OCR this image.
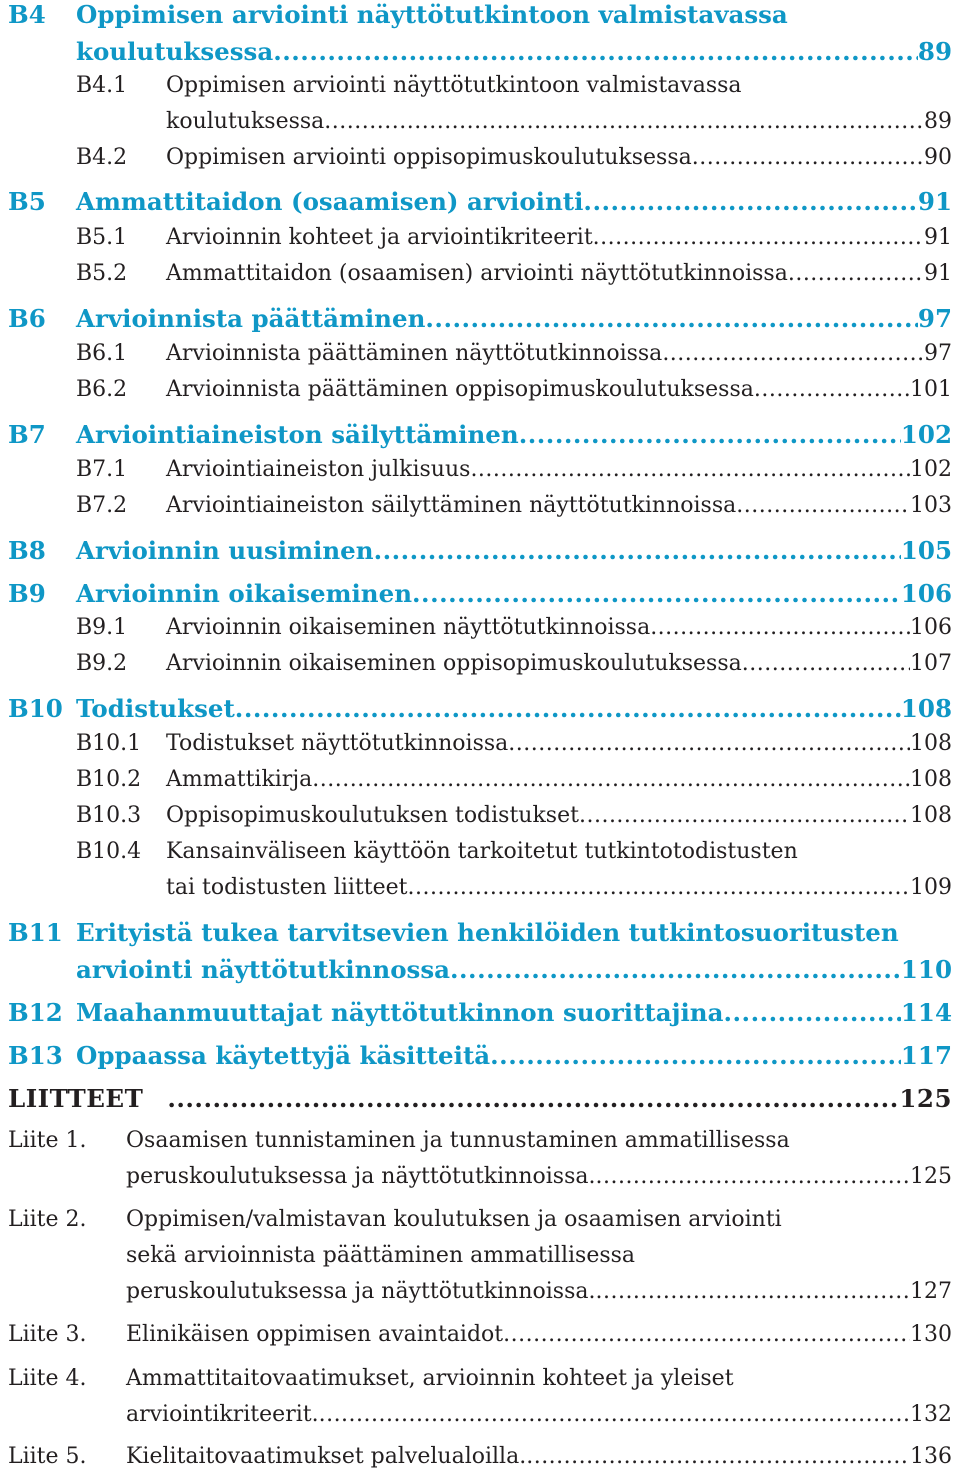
B4	Oppimisen arviointi näyttötutkintoon valmistavassa
koulutuksessa .....	89
B4.1	Oppimisen arviointi näyttötutkintoon valmistavassa
koulutuksessa .....	89
B4.2	Oppimisen arviointi oppisopimuskoulutuksessa .....	90
B5	Ammattitaidon (osaamisen) arviointi .....	91
B5.1	Arvioinnin kohteet ja arviointikriteerit .....	91
B5.2	Ammattitaidon (osaamisen) arviointi näyttötutkinnoissa .....	91
B6	Arvioinnista päättäminen .....	97
B6.1	Arvioinnista päättäminen näyttötutkinnoissa .....	97
B6.2	Arvioinnista päättäminen oppisopimuskoulutuksessa .....	101
B7	Arviointiaineiston säilyttäminen .....	102
B7.1	Arviointiaineiston julkisuus .....	102
B7.2	Arviointiaineiston säilyttäminen näyttötutkinnoissa .....	103
B8	Arvioinnin uusiminen .....	105
B9	Arvioinnin oikaiseminen .....	106
B9.1	Arvioinnin oikaiseminen näyttötutkinnoissa .....	106
B9.2	Arvioinnin oikaiseminen oppisopimuskoulutuksessa .....	107
B10 Todistukset .....	108
B10.1	Todistukset näyttötutkinnoissa .....	108
B10.2	Ammattikirja .....	108
B10.3	Oppisopimuskoulutuksen todistukset .....	108
B10.4	Kansainväliseen käyttöön tarkoitetut tutkintotodistusten
tai todistusten liitteet .....	109
B11 Erityistä tukea tarvitsevien henkilöiden tutkintosuoritusten
arviointi näyttötutkinnossa .....	110
B12 Maahanmuuttajat näyttötutkinnon suorittajina .....	114
B13 Oppaassa käytettyjä käsitteitä .....	117
LIITTEET .....	125
Liite 1.	Osaamisen tunnistaminen ja tunnustaminen ammatillisessa
peruskoulutuksessa ja näyttötutkinnoissa. .....	125
Liite 2.	Oppimisen/valmistavan koulutuksen ja osaamisen arviointi
sekä arvioinnista päättäminen ammatillisessa
peruskoulutuksessa ja näyttötutkinnoissa. .....	127
Liite 3.	Elinikäisen oppimisen avaintaidot .....	130
Liite 4.	Ammattitaitovaatimukset, arvioinnin kohteet ja yleiset
arviointikriteerit. .....	132
Liite 5.	Kielitaitovaatimukset palvelualoilla. .....	136
